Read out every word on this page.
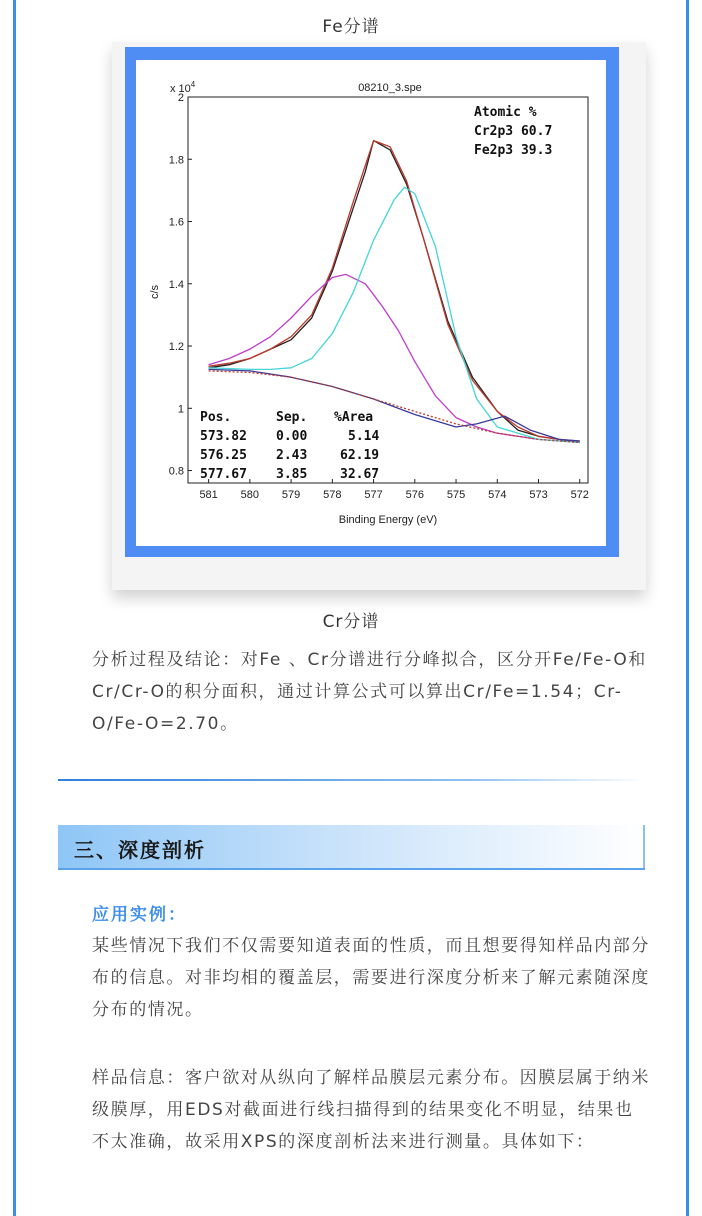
Fe分谱
08210_3.spe
x $10^4$
581 580 579 578 577 576 575 574 573 572
2
1.8
1.6
1.4
1.2
1
0.8
Binding Energy (eV)
c/s
Atomic %
Cr2p3 60.7
Fe2p3 39.3
Pos.	Sep. %Area
573.82 0.00	5.14
576.25 2.43	62.19
577.67 3.85	32.67
Cr分谱

分析过程及结论：对Fe 、Cr分谱进行分峰拟合，区分开Fe/Fe-O和Cr/Cr-O的积分面积，通过计算公式可以算出Cr/Fe=1.54；Cr-O/Fe-O=2.70。

三、深度剖析
应用实例：

某些情况下我们不仅需要知道表面的性质，而且想要得知样品内部分布的信息。对非均相的覆盖层，需要进行深度分析来了解元素随深度分布的情况。

样品信息：客户欲对从纵向了解样品膜层元素分布。因膜层属于纳米级膜厚，用EDS对截面进行线扫描得到的结果变化不明显，结果也不太准确，故采用XPS的深度剖析法来进行测量。具体如下：
